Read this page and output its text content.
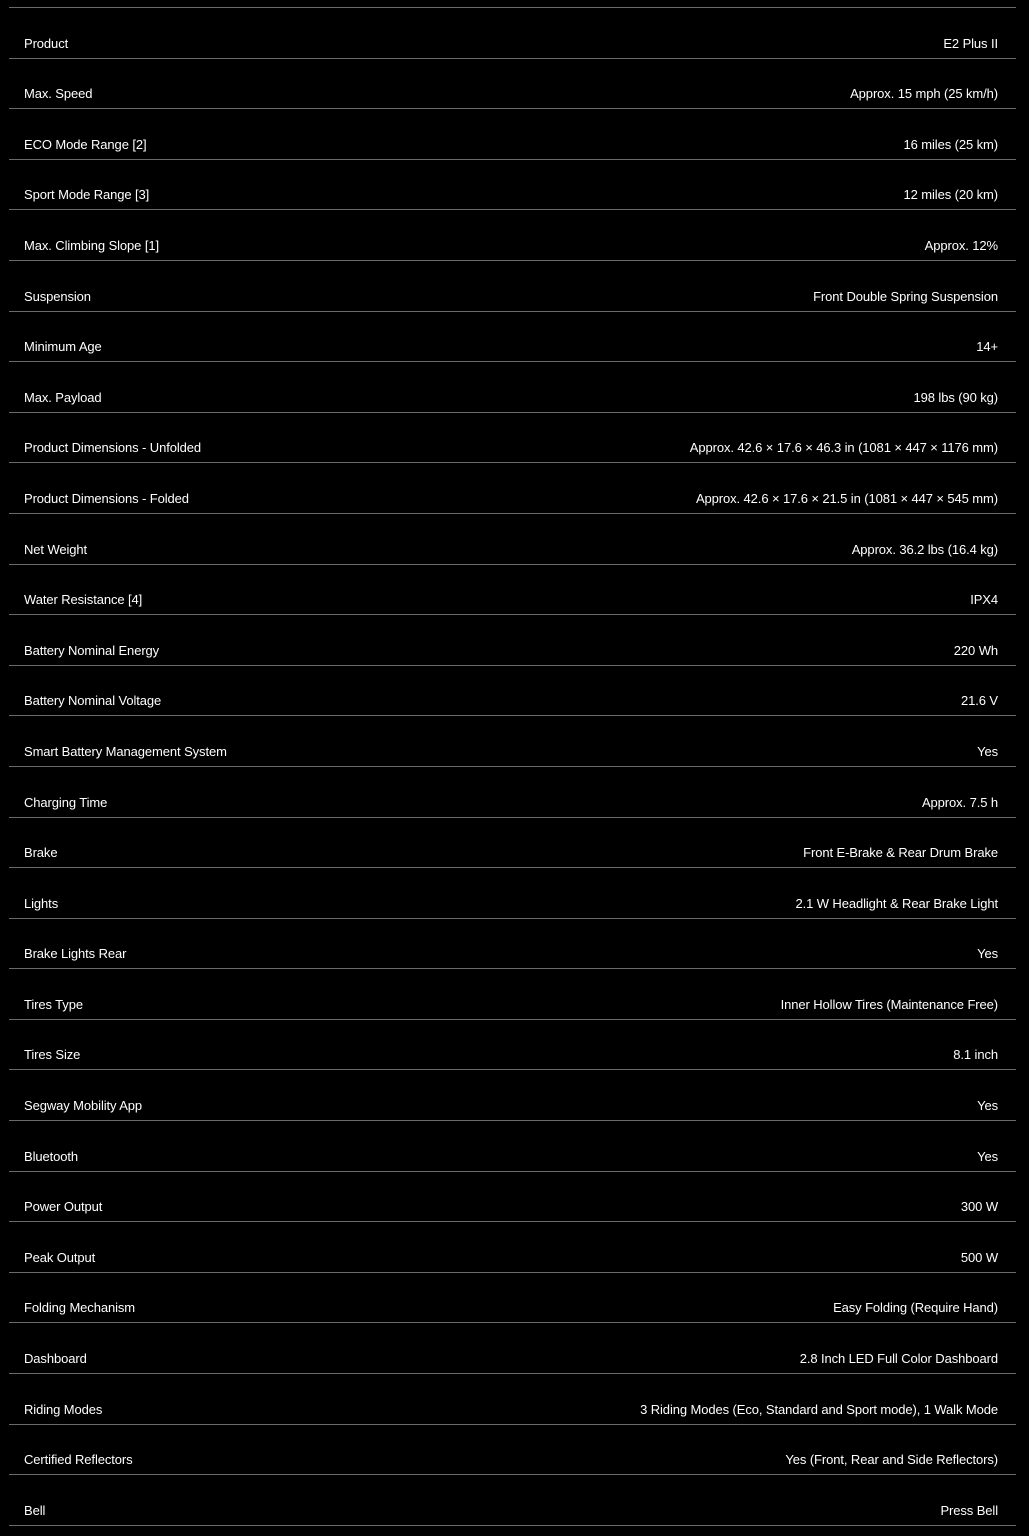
Product	E2 Plus II
Max. Speed	Approx. 15 mph (25 km/h)
ECO Mode Range [2]	16 miles (25 km)
Sport Mode Range [3]	12 miles (20 km)
Max. Climbing Slope [1]	Approx. 12%
Suspension	Front Double Spring Suspension
Minimum Age	14+
Max. Payload	198 lbs (90 kg)
Product Dimensions - Unfolded	Approx. 42.6 × 17.6 × 46.3 in (1081 × 447 × 1176 mm)
Product Dimensions - Folded	Approx. 42.6 × 17.6 × 21.5 in (1081 × 447 × 545 mm)
Net Weight	Approx. 36.2 lbs (16.4 kg)
Water Resistance [4]	IPX4
Battery Nominal Energy	220 Wh
Battery Nominal Voltage	21.6 V
Smart Battery Management System	Yes
Charging Time	Approx. 7.5 h
Brake	Front E-Brake & Rear Drum Brake
Lights	2.1 W Headlight & Rear Brake Light
Brake Lights Rear	Yes
Tires Type	Inner Hollow Tires (Maintenance Free)
Tires Size	8.1 inch
Segway Mobility App	Yes
Bluetooth	Yes
Power Output	300 W
Peak Output	500 W
Folding Mechanism	Easy Folding (Require Hand)
Dashboard	2.8 Inch LED Full Color Dashboard
Riding Modes	3 Riding Modes (Eco, Standard and Sport mode), 1 Walk Mode
Certified Reflectors	Yes (Front, Rear and Side Reflectors)
Bell	Press Bell
